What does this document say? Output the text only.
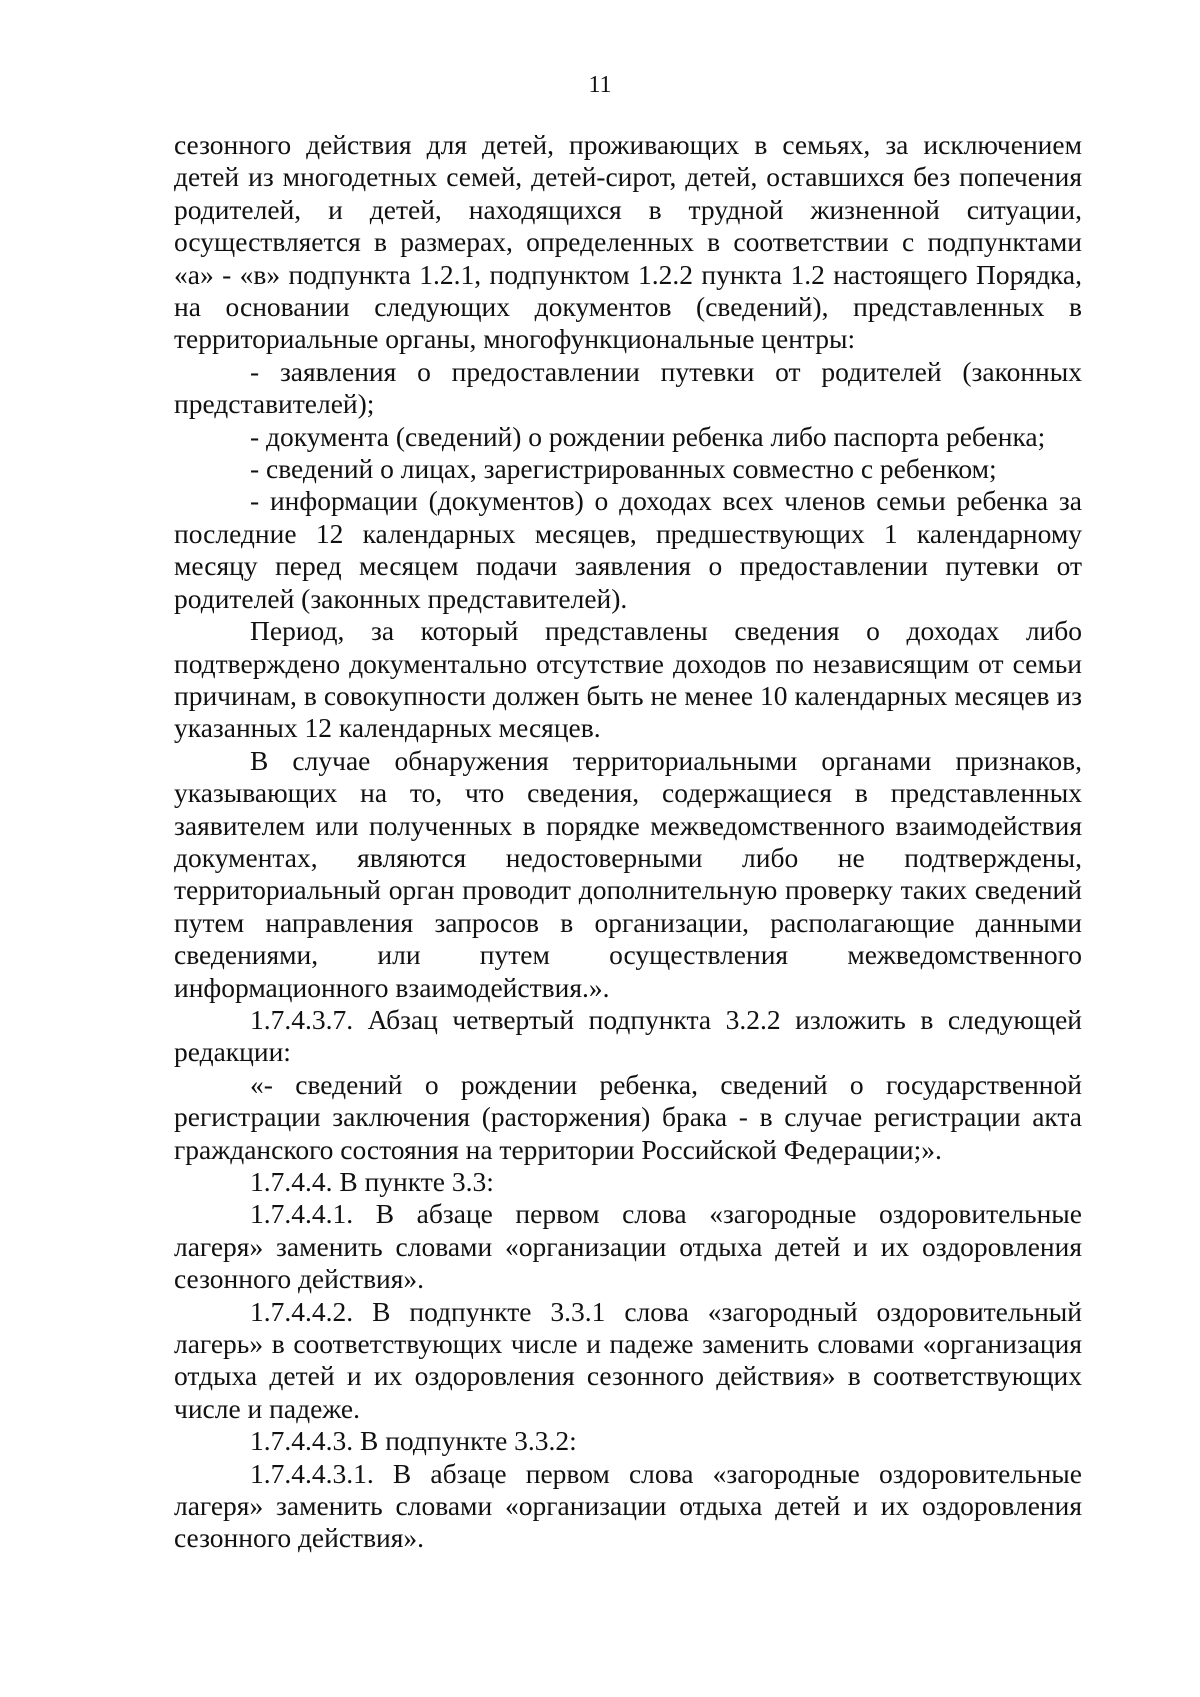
11

сезонного действия для детей, проживающих в семьях, за исключением детей из многодетных семей, детей-сирот, детей, оставшихся без попечения родителей, и детей, находящихся в трудной жизненной ситуации, осуществляется в размерах, определенных в соответствии с подпунктами «а» - «в» подпункта 1.2.1, подпунктом 1.2.2 пункта 1.2 настоящего Порядка, на основании следующих документов (сведений), представленных в территориальные органы, многофункциональные центры:

- заявления о предоставлении путевки от родителей (законных представителей);

- документа (сведений) о рождении ребенка либо паспорта ребенка;

- сведений о лицах, зарегистрированных совместно с ребенком;

- информации (документов) о доходах всех членов семьи ребенка за последние 12 календарных месяцев, предшествующих 1 календарному месяцу перед месяцем подачи заявления о предоставлении путевки от родителей (законных представителей).

Период, за который представлены сведения о доходах либо подтверждено документально отсутствие доходов по независящим от семьи причинам, в совокупности должен быть не менее 10 календарных месяцев из указанных 12 календарных месяцев.

В случае обнаружения территориальными органами признаков, указывающих на то, что сведения, содержащиеся в представленных заявителем или полученных в порядке межведомственного взаимодействия документах, являются недостоверными либо не подтверждены, территориальный орган проводит дополнительную проверку таких сведений путем направления запросов в организации, располагающие данными сведениями, или путем осуществления межведомственного информационного взаимодействия.».

1.7.4.3.7. Абзац четвертый подпункта 3.2.2 изложить в следующей редакции:

«- сведений о рождении ребенка, сведений о государственной регистрации заключения (расторжения) брака - в случае регистрации акта гражданского состояния на территории Российской Федерации;».

1.7.4.4. В пункте 3.3:

1.7.4.4.1. В абзаце первом слова «загородные оздоровительные лагеря» заменить словами «организации отдыха детей и их оздоровления сезонного действия».

1.7.4.4.2. В подпункте 3.3.1 слова «загородный оздоровительный лагерь» в соответствующих числе и падеже заменить словами «организация отдыха детей и их оздоровления сезонного действия» в соответствующих числе и падеже.

1.7.4.4.3. В подпункте 3.3.2:

1.7.4.4.3.1. В абзаце первом слова «загородные оздоровительные лагеря» заменить словами «организации отдыха детей и их оздоровления сезонного действия».
